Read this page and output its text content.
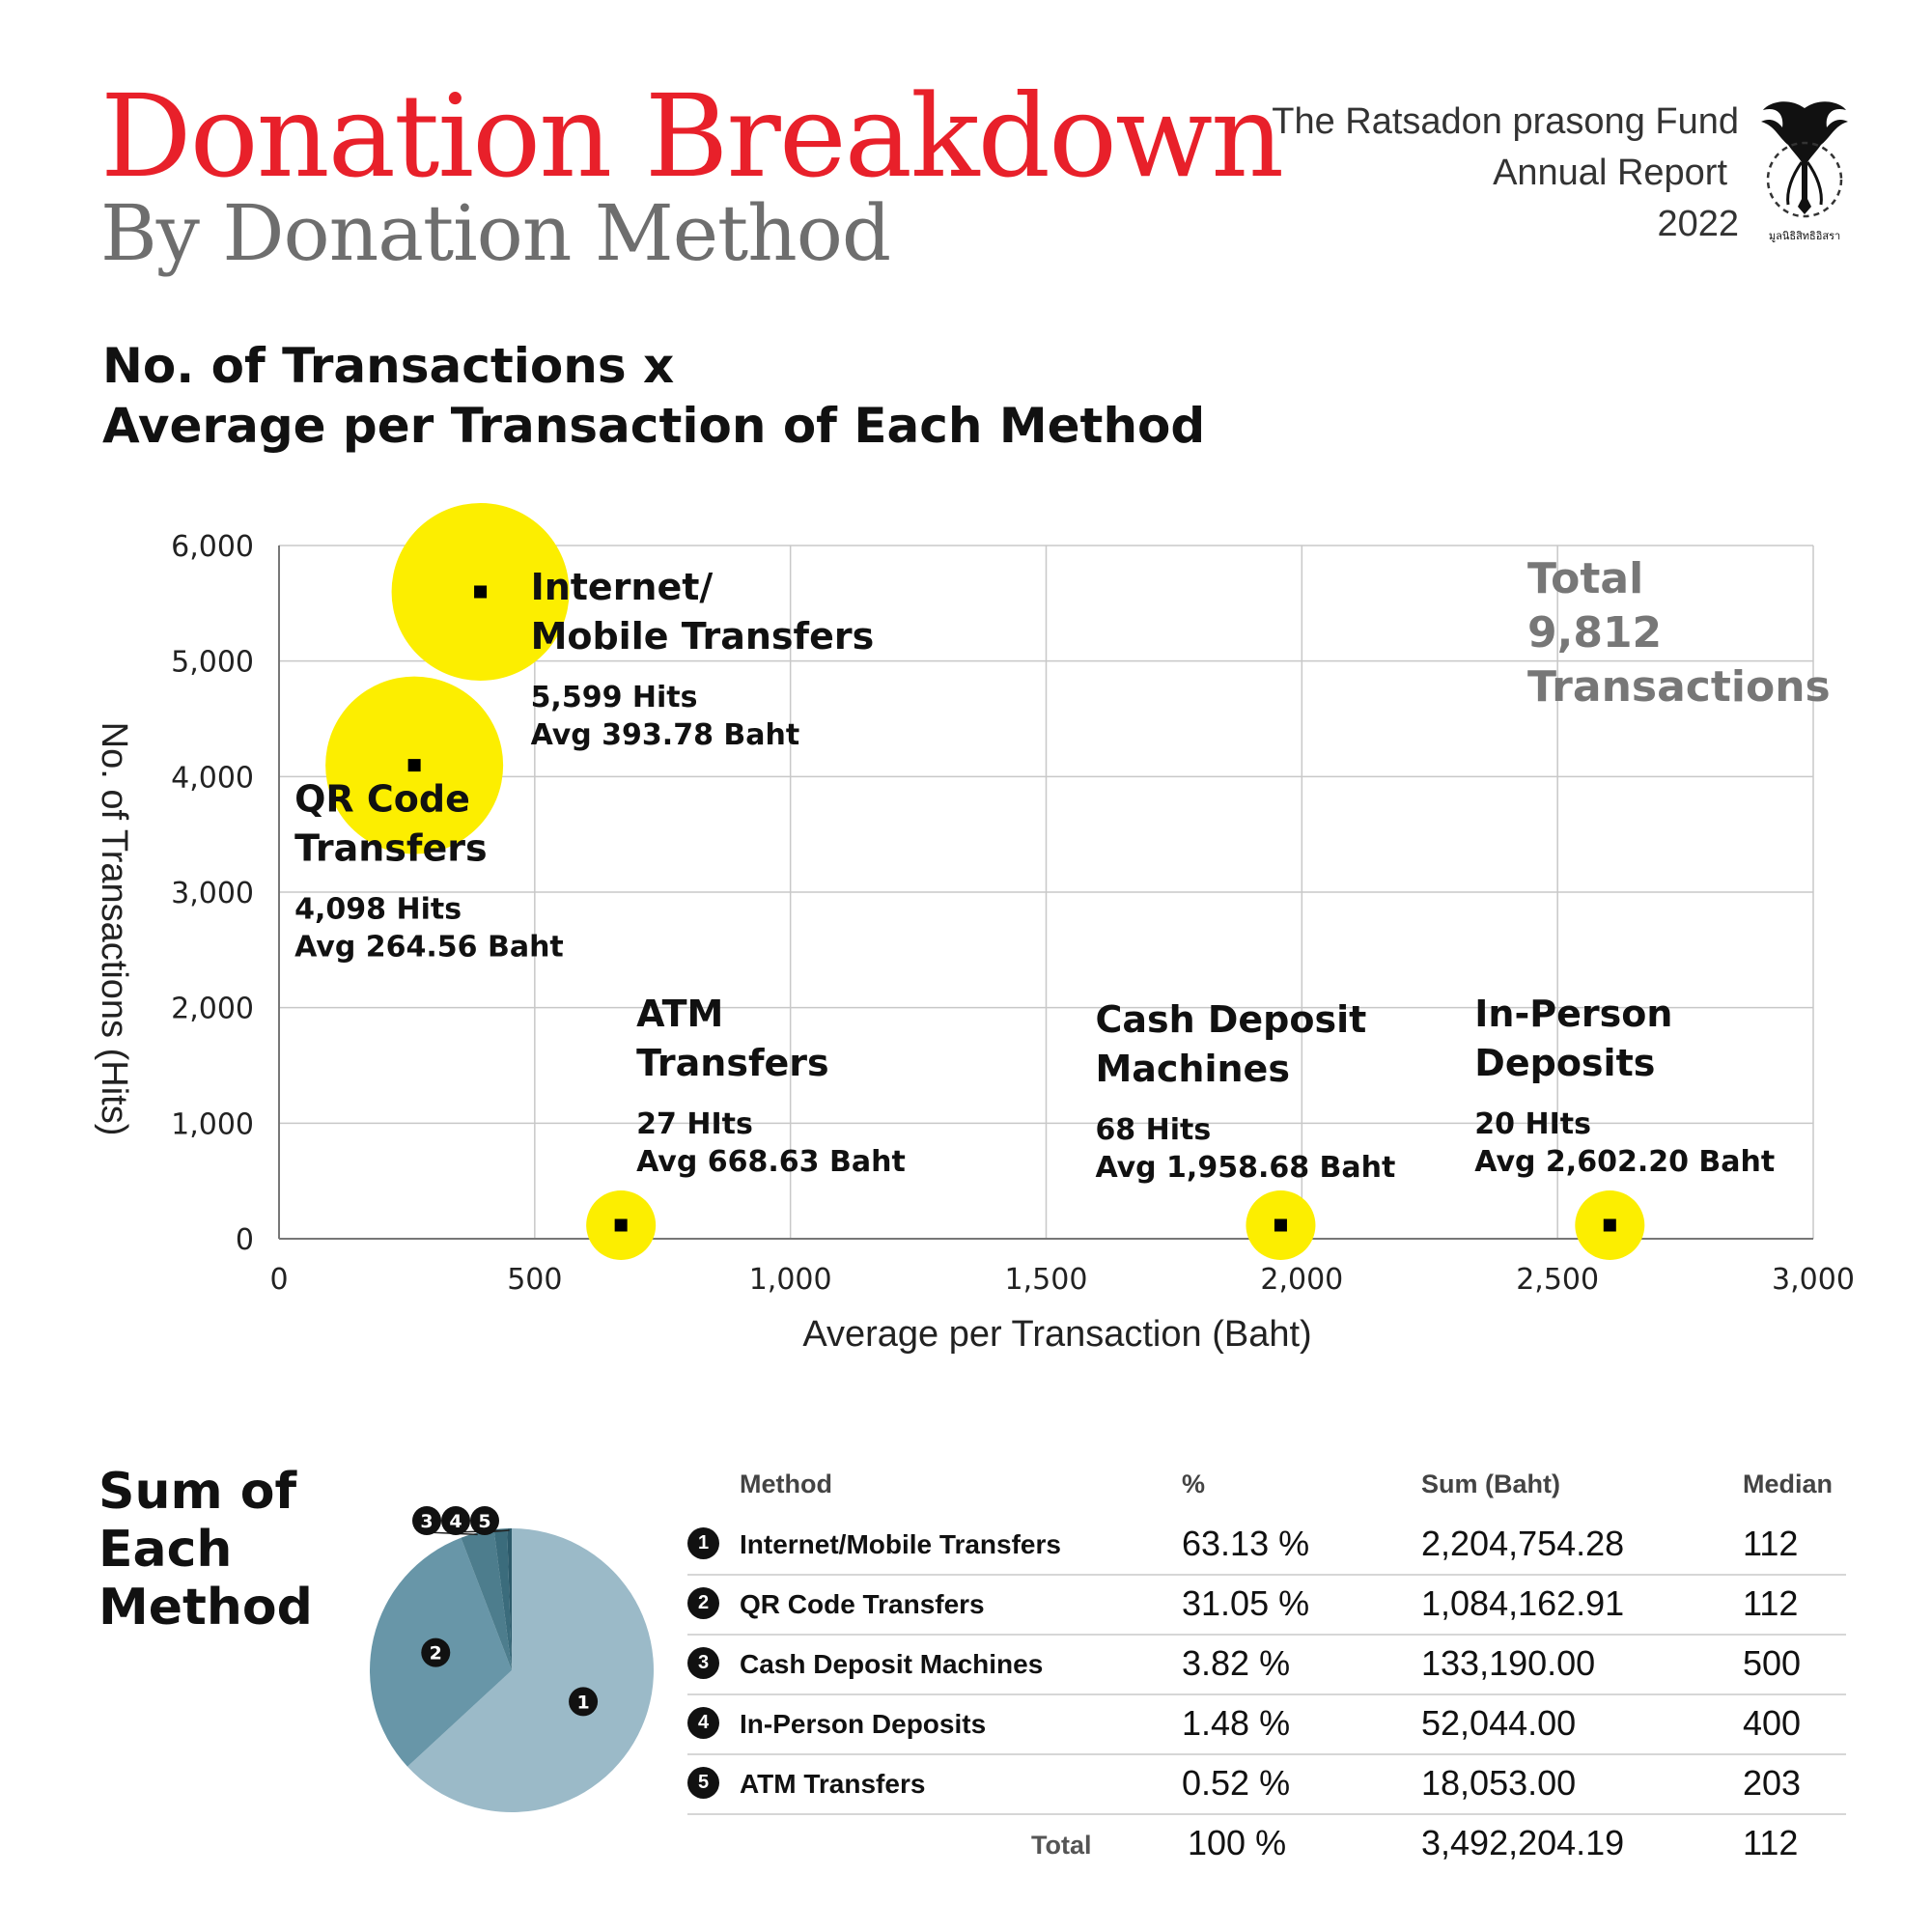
Donation Breakdown
By Donation Method
The Ratsadon prasong Fund
Annual Report
2022	มูลนิธิสิทธิอิสรา
No. of Transactions x
Average per Transaction of Each Method
0	500	1,000	1,500	2,000	2,500	3,000
0
1,000
2,000
3,000
4,000
5,000
6,000
Internet/
Mobile Transfers
5,599 Hits
Avg 393.78 Baht
QR Code
Transfers
4,098 Hits
Avg 264.56 Baht
ATM
Transfers
27 HIts
Avg 668.63 Baht
Cash Deposit
Machines
68 Hits
Avg 1,958.68 Baht
In-Person
Deposits
20 HIts
Avg 2,602.20 Baht
Average per Transaction (Baht)
No. of Transactions (Hits)
Total
9,812
Transactions
Sum of
Each
Method
1
2
3 4 5
Method	%	Sum (Baht)	Median
1	Internet/Mobile Transfers	63.13 %	2,204,754.28	112
2	QR Code Transfers	31.05 %	1,084,162.91	112
3	Cash Deposit Machines	3.82 %	133,190.00	500
4	In-Person Deposits	1.48 %	52,044.00	400
5	ATM Transfers	0.52 %	18,053.00	203
Total	100 %	3,492,204.19	112
